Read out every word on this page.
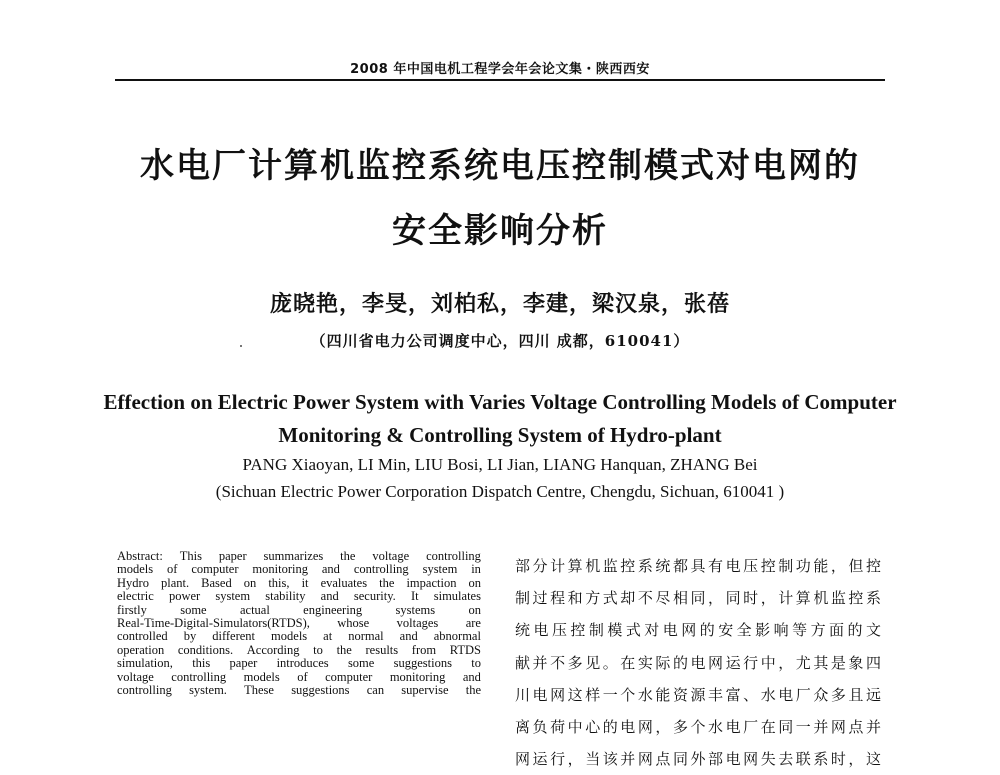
2008 年中国电机工程学会年会论文集・陕西西安
水电厂计算机监控系统电压控制模式对电网的
安全影响分析
庞晓艳，李旻，刘柏私，李建，梁汉泉，张蓓
（四川省电力公司调度中心，四川 成都，610041）
Effection on Electric Power System with Varies Voltage Controlling Models of Computer
Monitoring & Controlling System of Hydro-plant
PANG Xiaoyan, LI Min, LIU Bosi, LI Jian, LIANG Hanquan, ZHANG Bei
(Sichuan Electric Power Corporation Dispatch Centre, Chengdu, Sichuan, 610041 )
Abstract: This paper summarizes the voltage controlling
models of computer monitoring and controlling system in
Hydro plant. Based on this, it evaluates the impaction on
electric power system stability and security. It simulates
firstly	some	actual	engineering	systems	on
Real-Time-Digital-Simulators(RTDS), whose voltages are
controlled by different models at normal and abnormal
operation conditions. According to the results from RTDS
simulation, this paper introduces some suggestions to
voltage controlling models of computer monitoring and
controlling system. These suggestions can supervise the
部分计算机监控系统都具有电压控制功能，但控
制过程和方式却不尽相同，同时，计算机监控系
统电压控制模式对电网的安全影响等方面的文
献并不多见。在实际的电网运行中，尤其是象四
川电网这样一个水能资源丰富、水电厂众多且远
离负荷中心的电网，多个水电厂在同一并网点并
网运行，当该并网点同外部电网失去联系时，这
